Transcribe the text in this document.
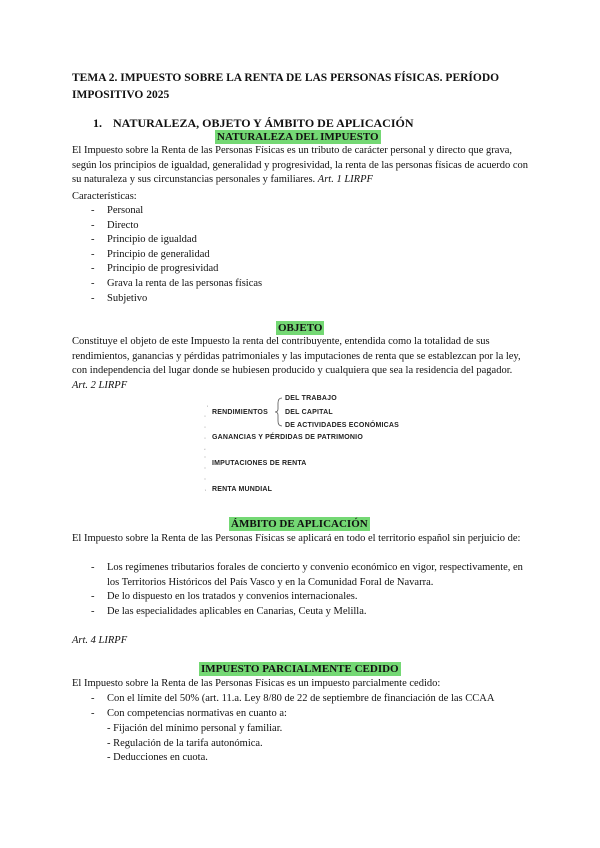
TEMA 2. IMPUESTO SOBRE LA RENTA DE LAS PERSONAS FÍSICAS. PERÍODO IMPOSITIVO 2025
1. NATURALEZA, OBJETO Y ÁMBITO DE APLICACIÓN
NATURALEZA DEL IMPUESTO
El Impuesto sobre la Renta de las Personas Físicas es un tributo de carácter personal y directo que grava, según los principios de igualdad, generalidad y progresividad, la renta de las personas físicas de acuerdo con su naturaleza y sus circunstancias personales y familiares. Art. 1 LIRPF
Características:
- Personal
- Directo
- Principio de igualdad
- Principio de generalidad
- Principio de progresividad
- Grava la renta de las personas físicas
- Subjetivo
OBJETO
Constituye el objeto de este Impuesto la renta del contribuyente, entendida como la totalidad de sus rendimientos, ganancias y pérdidas patrimoniales y las imputaciones de renta que se establezcan por la ley, con independencia del lugar donde se hubiesen producido y cualquiera que sea la residencia del pagador. Art. 2 LIRPF
RENDIMIENTOS
DEL TRABAJO
DEL CAPITAL
DE ACTIVIDADES ECONÓMICAS
GANANCIAS Y PÉRDIDAS DE PATRIMONIO
IMPUTACIONES DE RENTA
RENTA MUNDIAL
ÁMBITO DE APLICACIÓN
El Impuesto sobre la Renta de las Personas Físicas se aplicará en todo el territorio español sin perjuicio de:
- Los regímenes tributarios forales de concierto y convenio económico en vigor, respectivamente, en los Territorios Históricos del País Vasco y en la Comunidad Foral de Navarra.
- De lo dispuesto en los tratados y convenios internacionales.
- De las especialidades aplicables en Canarias, Ceuta y Melilla.
Art. 4 LIRPF
IMPUESTO PARCIALMENTE CEDIDO
El Impuesto sobre la Renta de las Personas Físicas es un impuesto parcialmente cedido:
- Con el límite del 50% (art. 11.a. Ley 8/80 de 22 de septiembre de financiación de las CCAA
- Con competencias normativas en cuanto a:
- Fijación del mínimo personal y familiar.
- Regulación de la tarifa autonómica.
- Deducciones en cuota.
